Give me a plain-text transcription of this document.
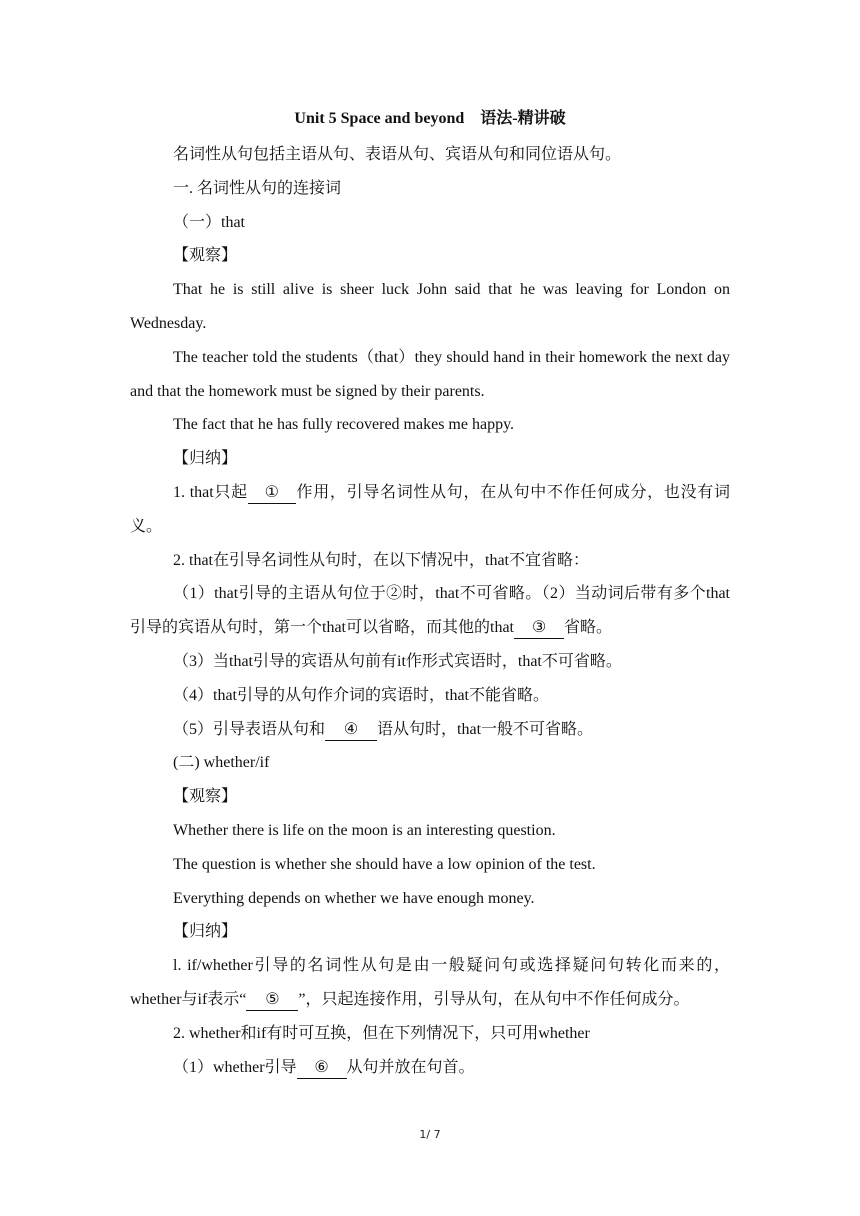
Unit 5 Space and beyond　语法-精讲破

名词性从句包括主语从句、表语从句、宾语从句和同位语从句。

一. 名词性从句的连接词

（一）that

【观察】

That he is still alive is sheer luck John said that he was leaving for London on Wednesday.

The teacher told the students（that）they should hand in their homework the next day and that the homework must be signed by their parents.

The fact that he has fully recovered makes me happy.

【归纳】

1. that只起 ① 作用，引导名词性从句，在从句中不作任何成分，也没有词义。

2. that在引导名词性从句时，在以下情况中，that不宜省略：

（1）that引导的主语从句位于②时，that不可省略。（2）当动词后带有多个that引导的宾语从句时，第一个that可以省略，而其他的that ③ 省略。

（3）当that引导的宾语从句前有it作形式宾语时，that不可省略。

（4）that引导的从句作介词的宾语时，that不能省略。

（5）引导表语从句和 ④ 语从句时，that一般不可省略。

(二) whether/if

【观察】

Whether there is life on the moon is an interesting question.

The question is whether she should have a low opinion of the test.

Everything depends on whether we have enough money.

【归纳】

l. if/whether引导的名词性从句是由一般疑问句或选择疑问句转化而来的，whether与if表示“ ⑤ ”，只起连接作用，引导从句，在从句中不作任何成分。

2. whether和if有时可互换，但在下列情况下，只可用whether

（1）whether引导 ⑥ 从句并放在句首。

1/ 7
